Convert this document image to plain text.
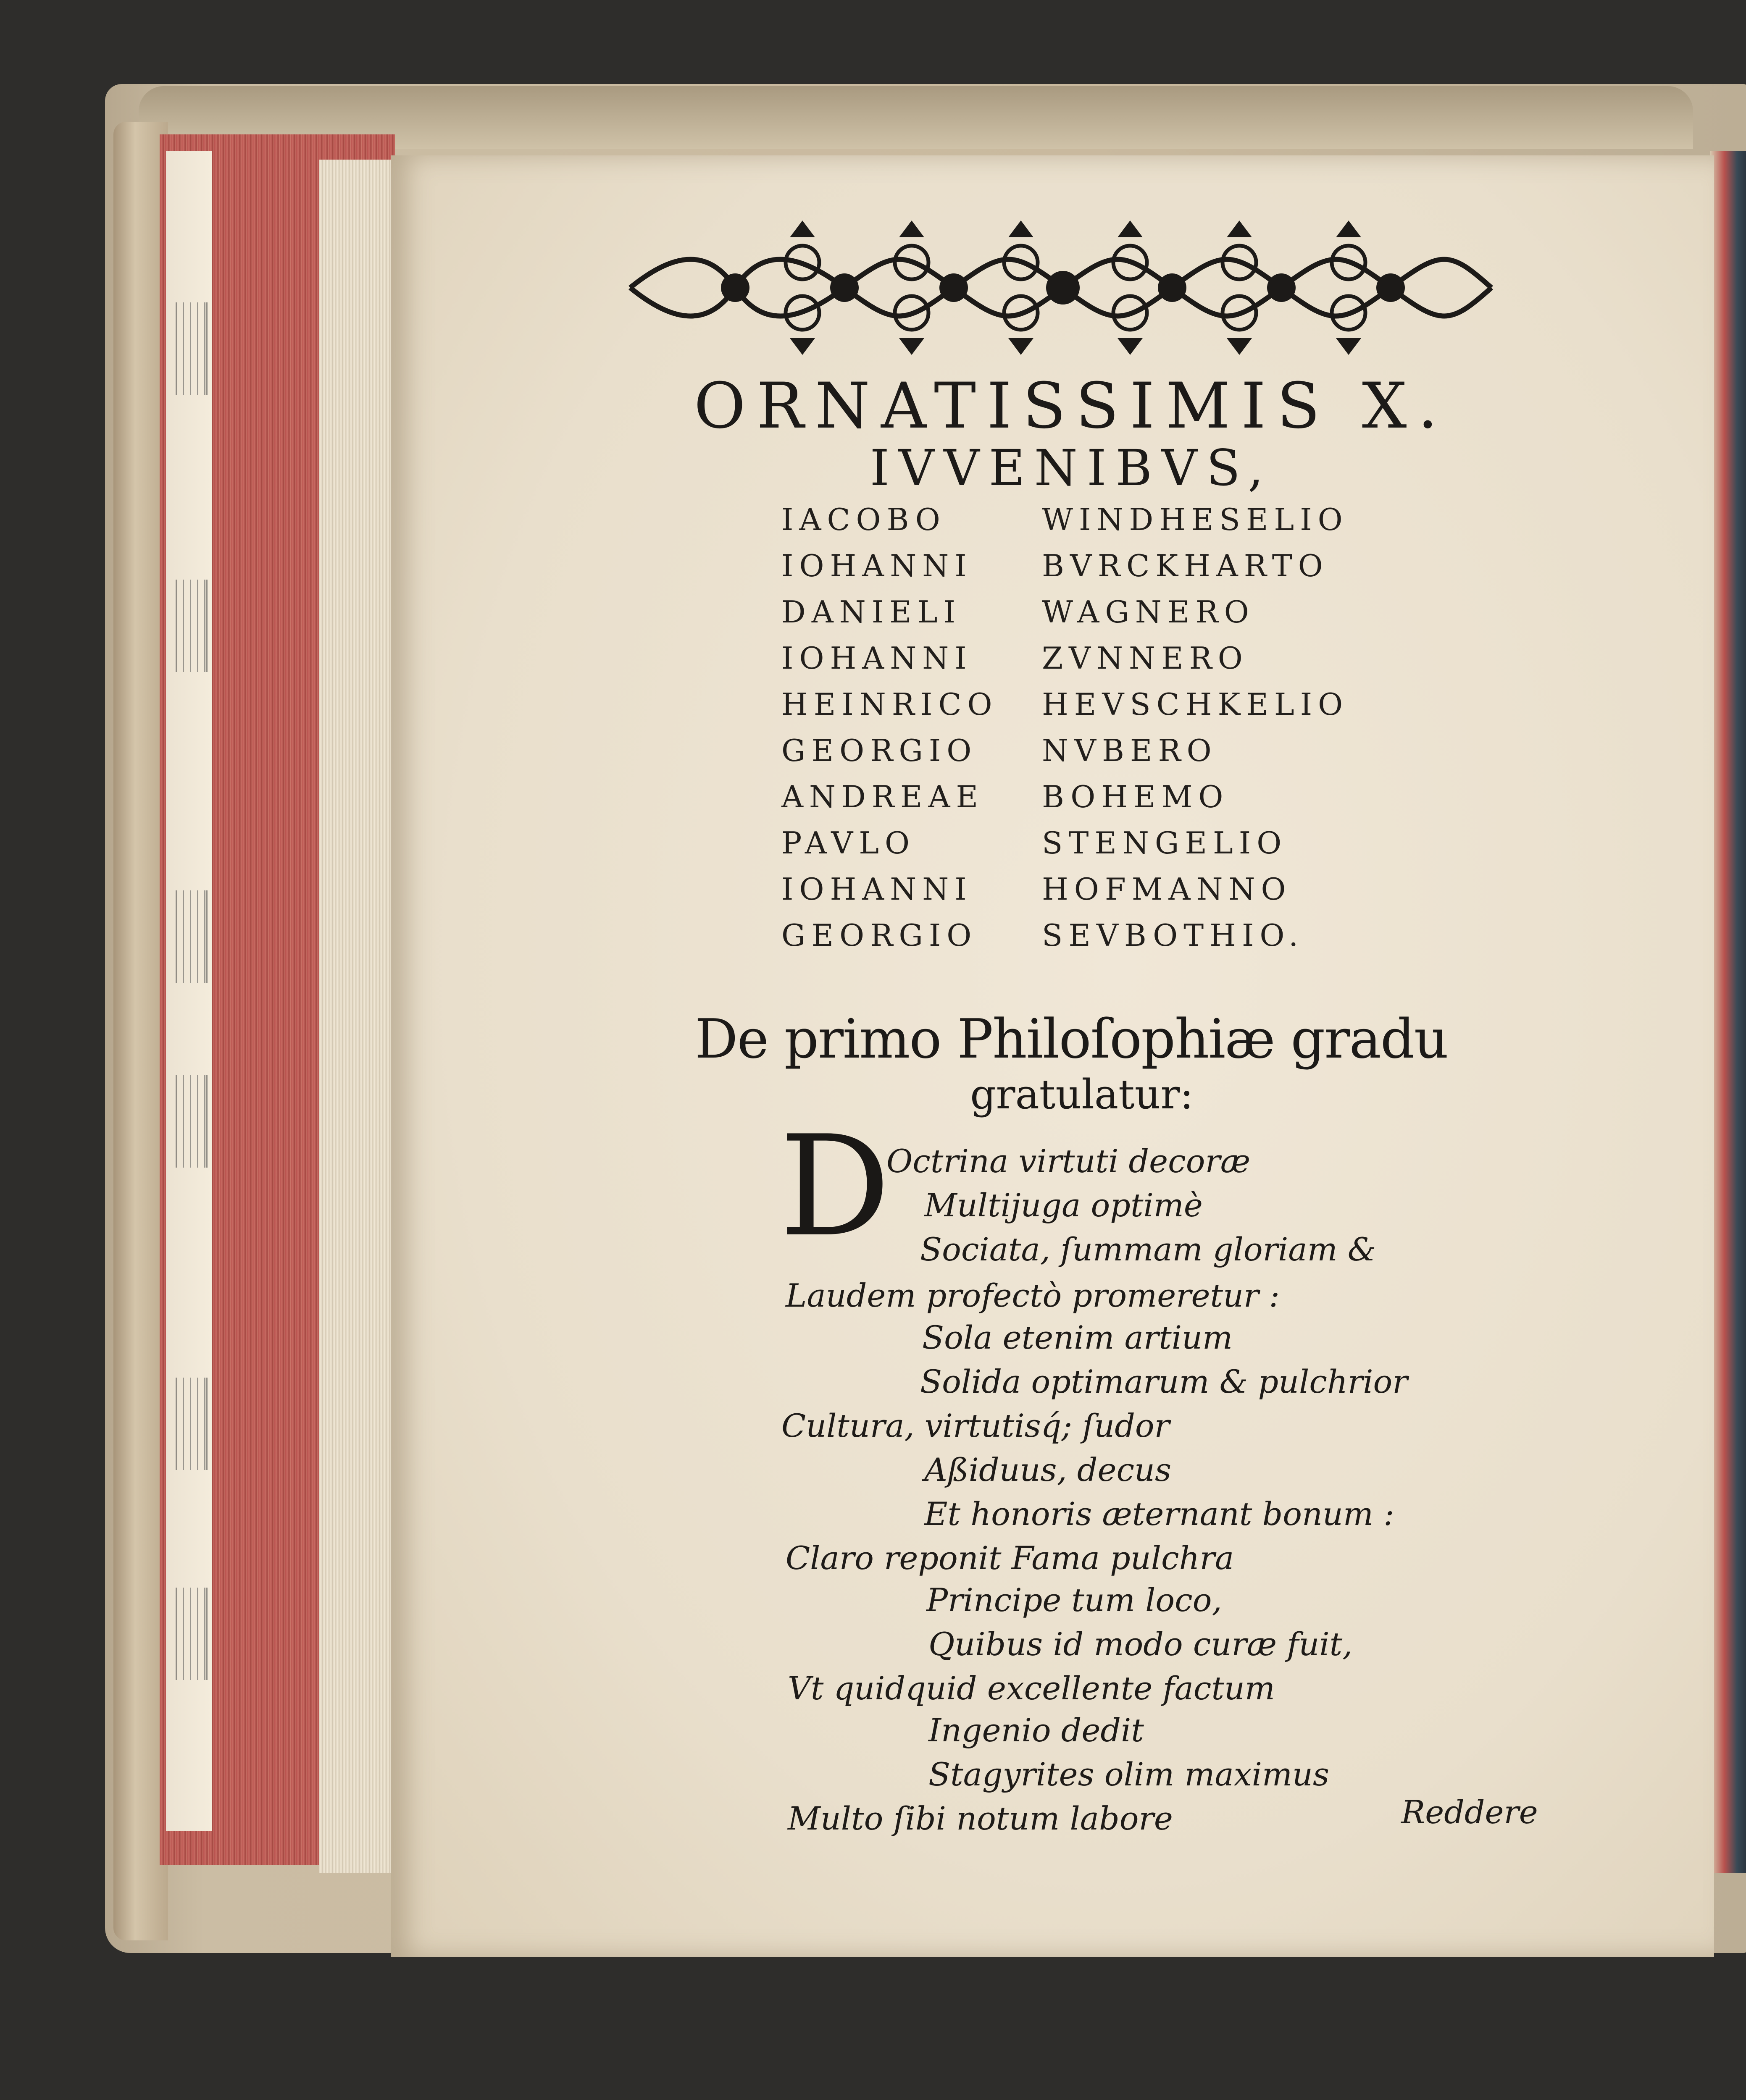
ORNATISSIMIS X.
IVVENIBVS,
IACOBO	WINDHESELIO
IOHANNI BVRCKHARTO
DANIELI	WAGNERO
IOHANNI ZVNNERO
HEINRICO HEVSCHKELIO
GEORGIO NVBERO
ANDREAE BOHEMO
PAVLO	STENGELIO
IOHANNI HOFMANNO
GEORGIO SEVBOTHIO.
De primo Philoſophiæ gradu
gratulatur:
D
Octrina virtuti decoræ
Multijuga optimè
Sociata, ſummam gloriam &
Laudem profectò promeretur :
Sola etenim artium
Solida optimarum & pulchrior
Cultura, virtutisq́; ſudor
Aßiduus, decus
Et honoris æternant bonum :
Claro reponit Fama pulchra
Principe tum loco,
Quibus id modo curæ fuit,
Vt quidquid excellente factum
Ingenio dedit
Stagyrites olim maximus
Multo ſibi notum labore	Reddere
